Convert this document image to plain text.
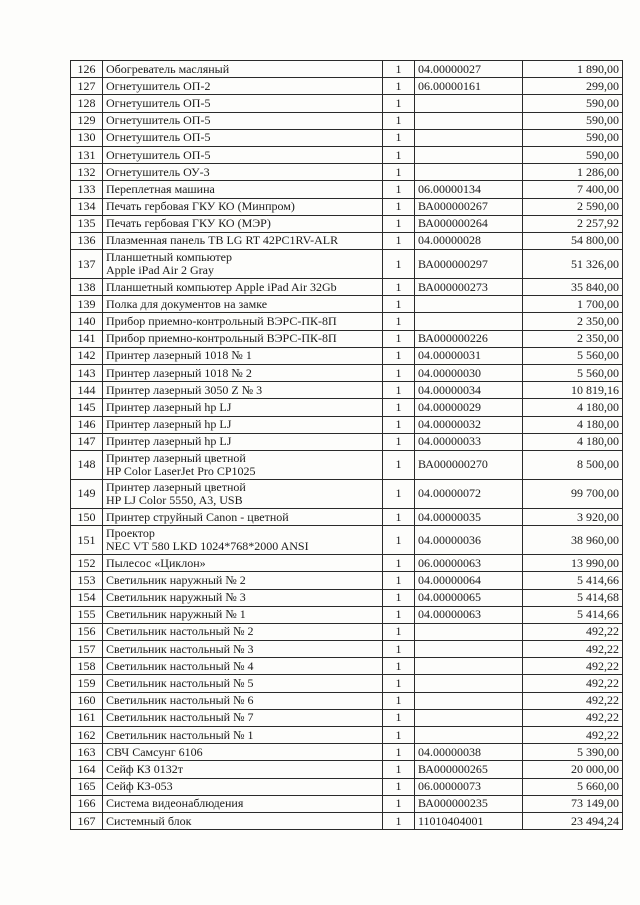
126	Обогреватель масляный	1	04.00000027	1 890,00
127	Огнетушитель ОП-2	1	06.00000161	299,00
128	Огнетушитель ОП-5	1		590,00
129	Огнетушитель ОП-5	1		590,00
130	Огнетушитель ОП-5	1		590,00
131	Огнетушитель ОП-5	1		590,00
132	Огнетушитель ОУ-3	1		1 286,00
133	Переплетная машина	1	06.00000134	7 400,00
134	Печать гербовая ГКУ КО (Минпром)	1	ВА000000267	2 590,00
135	Печать гербовая ГКУ КО (МЭР)	1	ВА000000264	2 257,92
136	Плазменная панель ТВ LG RT 42PC1RV-ALR	1	04.00000028	54 800,00
137	Планшетный компьютер
Apple iPad Air 2 Gray	1	ВА000000297	51 326,00
138	Планшетный компьютер Apple iPad Air 32Gb	1	ВА000000273	35 840,00
139	Полка для документов на замке	1		1 700,00
140	Прибор приемно-контрольный ВЭРС-ПК-8П	1		2 350,00
141	Прибор приемно-контрольный ВЭРС-ПК-8П	1	ВА000000226	2 350,00
142	Принтер лазерный 1018 № 1	1	04.00000031	5 560,00
143	Принтер лазерный 1018 № 2	1	04.00000030	5 560,00
144	Принтер лазерный 3050 Z № 3	1	04.00000034	10 819,16
145	Принтер лазерный hp LJ	1	04.00000029	4 180,00
146	Принтер лазерный hp LJ	1	04.00000032	4 180,00
147	Принтер лазерный hp LJ	1	04.00000033	4 180,00
148	Принтер лазерный цветной
HP Color LaserJet Pro CP1025	1	ВА000000270	8 500,00
149	Принтер лазерный цветной
HP LJ Color 5550, A3, USB	1	04.00000072	99 700,00
150	Принтер струйный Canon - цветной	1	04.00000035	3 920,00
151	Проектор
NEC VT 580 LKD 1024*768*2000 ANSI	1	04.00000036	38 960,00
152	Пылесос «Циклон»	1	06.00000063	13 990,00
153	Светильник наружный № 2	1	04.00000064	5 414,66
154	Светильник наружный № 3	1	04.00000065	5 414,68
155	Светильник наружный № 1	1	04.00000063	5 414,66
156	Светильник настольный № 2	1		492,22
157	Светильник настольный № 3	1		492,22
158	Светильник настольный № 4	1		492,22
159	Светильник настольный № 5	1		492,22
160	Светильник настольный № 6	1		492,22
161	Светильник настольный № 7	1		492,22
162	Светильник настольный № 1	1		492,22
163	СВЧ Самсунг 6106	1	04.00000038	5 390,00
164	Сейф КЗ 0132т	1	ВА000000265	20 000,00
165	Сейф КЗ-053	1	06.00000073	5 660,00
166	Система видеонаблюдения	1	ВА000000235	73 149,00
167	Системный блок	1	11010404001	23 494,24
